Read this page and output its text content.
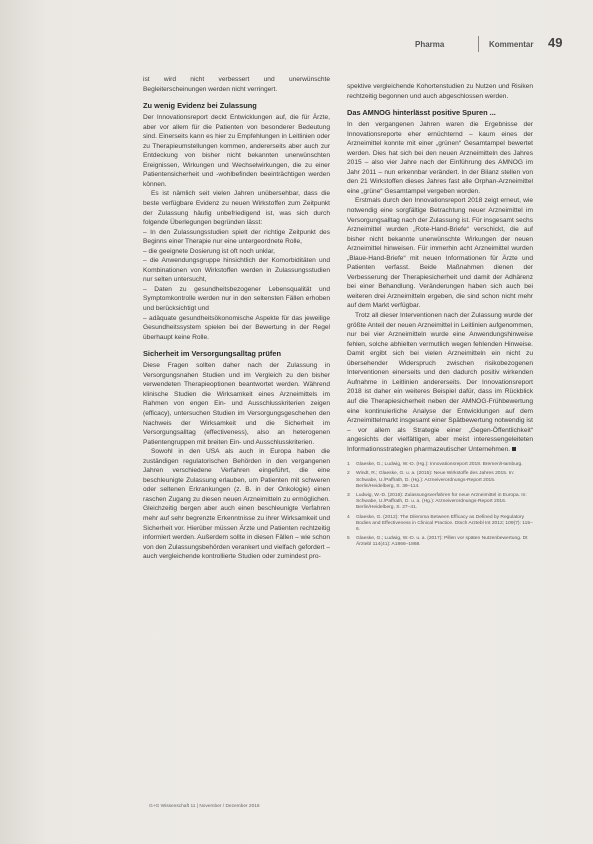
Pharma	Kommentar 49

ist wird nicht verbessert und unerwünschte Begleiterscheinungen werden nicht verringert.

Zu wenig Evidenz bei Zulassung

Der Innovationsreport deckt Entwicklungen auf, die für Ärzte, aber vor allem für die Patienten von besonderer Bedeutung sind. Einerseits kann es hier zu Empfehlungen in Leitlinien oder zu Therapieumstellungen kommen, andererseits aber auch zur Entdeckung von bisher nicht bekannten unerwünschten Ereignissen, Wirkungen und Wechselwirkungen, die zu einer Patientensicherheit und -wohlbefinden beeinträchtigen werden können.

Es ist nämlich seit vielen Jahren unübersehbar, dass die beste verfügbare Evidenz zu neuen Wirkstoffen zum Zeitpunkt der Zulassung häufig unbefriedigend ist, was sich durch folgende Überlegungen begründen lässt:

– In den Zulassungsstudien spielt der richtige Zeitpunkt des Beginns einer Therapie nur eine untergeordnete Rolle,

– die geeignete Dosierung ist oft noch unklar,

– die Anwendungsgruppe hinsichtlich der Komorbiditäten und Kombinationen von Wirkstoffen werden in Zulassungsstudien nur selten untersucht,

– Daten zu gesundheitsbezogener Lebensqualität und Symptomkontrolle werden nur in den seltensten Fällen erhoben und berücksichtigt und

– adäquate gesundheitsökonomische Aspekte für das jeweilige Gesundheitssystem spielen bei der Bewertung in der Regel überhaupt keine Rolle.

Sicherheit im Versorgungsalltag prüfen

Diese Fragen sollten daher nach der Zulassung in Versorgungsnahen Studien und im Vergleich zu den bisher verwendeten Therapieoptionen beantwortet werden. Während klinische Studien die Wirksamkeit eines Arzneimittels im Rahmen von engen Ein- und Ausschlusskriterien zeigen (efficacy), untersuchen Studien im Versorgungsgeschehen den Nachweis der Wirksamkeit und die Sicherheit im Versorgungsalltag (effectiveness), also an heterogenen Patientengruppen mit breiten Ein- und Ausschlusskriterien.

Sowohl in den USA als auch in Europa haben die zuständigen regulatorischen Behörden in den vergangenen Jahren verschiedene Verfahren eingeführt, die eine beschleunigte Zulassung erlauben, um Patienten mit schweren oder seltenen Erkrankungen (z. B. in der Onkologie) einen raschen Zugang zu diesen neuen Arzneimitteln zu ermöglichen. Gleichzeitig bergen aber auch einen beschleunigte Verfahren mehr auf sehr begrenzte Erkenntnisse zu ihrer Wirksamkeit und Sicherheit vor. Hierüber müssen Ärzte und Patienten rechtzeitig informiert werden. Außerdem sollte in diesen Fällen – wie schon von den Zulassungsbehörden verankert und vielfach gefordert – auch vergleichende kontrollierte Studien oder zumindest pro-

spektive vergleichende Kohortenstudien zu Nutzen und Risiken rechtzeitig begonnen und auch abgeschlossen werden.

Das AMNOG hinterlässt positive Spuren ...

In den vergangenen Jahren waren die Ergebnisse der Innovationsreporte eher ernüchternd – kaum eines der Arzneimittel konnte mit einer „grünen“ Gesamtampel bewertet werden. Dies hat sich bei den neuen Arzneimitteln des Jahres 2015 – also vier Jahre nach der Einführung des AMNOG im Jahr 2011 – nun erkennbar verändert. In der Bilanz stellen von den 21 Wirkstoffen dieses Jahres fast alle Orphan-Arzneimittel eine „grüne“ Gesamtampel vergeben worden.

Erstmals durch den Innovationsreport 2018 zeigt erneut, wie notwendig eine sorgfältige Betrachtung neuer Arzneimittel im Versorgungsalltag nach der Zulassung ist. Für insgesamt sechs Arzneimittel wurden „Rote-Hand-Briefe“ verschickt, die auf bisher nicht bekannte unerwünschte Wirkungen der neuen Arzneimittel hinweisen. Für immerhin acht Arzneimittel wurden „Blaue-Hand-Briefe“ mit neuen Informationen für Ärzte und Patienten verfasst. Beide Maßnahmen dienen der Verbesserung der Therapiesicherheit und damit der Adhärenz bei einer Behandlung. Veränderungen haben sich auch bei weiteren drei Arzneimitteln ergeben, die sind schon nicht mehr auf dem Markt verfügbar.

Trotz all dieser Interventionen nach der Zulassung wurde der größte Anteil der neuen Arzneimittel in Leitlinien aufgenommen, nur bei vier Arzneimitteln wurde eine Anwendungshinweise fehlen, solche abhielten vermutlich wegen fehlenden Hinweise. Damit ergibt sich bei vielen Arzneimitteln ein nicht zu übersehender Widerspruch zwischen risikobezogenen Interventionen einerseits und den dadurch positiv wirkenden Aufnahme in Leitlinien andererseits. Der Innovationsreport 2018 ist daher ein weiteres Beispiel dafür, dass im Rückblick auf die Therapiesicherheit neben der AMNOG-Frühbewertung eine kontinuierliche Analyse der Entwicklungen auf dem Arzneimittelmarkt insgesamt einer Spätbewertung notwendig ist – vor allem als Strategie einer „Gegen-Öffentlichkeit“ angesichts der vielfältigen, aber meist interessengeleiteten Informationsstrategien pharmazeutischer Unternehmen.

1	Glaeske, G.; Ludwig, W.-D. (Hg.): Innovationsreport 2018. Bremen/Hamburg.
2	Windt, R.; Glaeske, G. u. a. (2015): Neue Wirkstoffe des Jahres 2015. In: Schwabe, U./Paffrath, D. (Hg.): Arzneiverordnungs-Report 2015. Berlin/Heidelberg, S. 39–114.
3	Ludwig, W.-D. (2016): Zulassungsverfahren für neue Arzneimittel in Europa. In: Schwabe, U./Paffrath, D. u. a. (Hg.): Arzneiverordnungs-Report 2016. Berlin/Heidelberg, S. 27–41.
4	Glaeske, G. (2012): The Dilemma Between Efficacy as Defined by Regulatory Bodies and Effectiveness in Clinical Practice. Dtsch Arztebl Int 2012; 109(7): 115–6.
5	Glaeske, G.; Ludwig, W.-D. u. a. (2017): Pillen vor späten Nutzenbewertung. Dt Ärztebl 114(41): A1866–1868.
G+G Wissenschaft 11 | November / Dezember 2018
